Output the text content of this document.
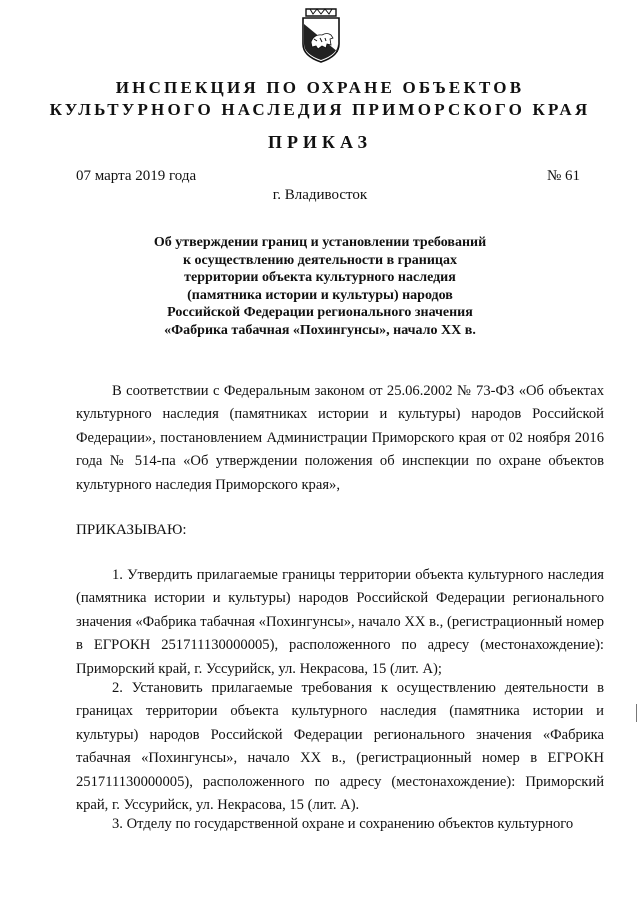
ИНСПЕКЦИЯ ПО ОХРАНЕ ОБЪЕКТОВ
КУЛЬТУРНОГО НАСЛЕДИЯ ПРИМОРСКОГО КРАЯ
ПРИКАЗ
07 марта 2019 года	№ 61
г. Владивосток
Об утверждении границ и установлении требований
к осуществлению деятельности в границах
территории объекта культурного наследия
(памятника истории и культуры) народов
Российской Федерации регионального значения
«Фабрика табачная «Похингунсы», начало XX в.
В соответствии с Федеральным законом от 25.06.2002 № 73-ФЗ «Об объектах культурного наследия (памятниках истории и культуры) народов Российской Федерации», постановлением Администрации Приморского края от 02 ноября 2016 года № 514-па «Об утверждении положения об инспекции по охране объектов культурного наследия Приморского края»,
ПРИКАЗЫВАЮ:
1. Утвердить прилагаемые границы территории объекта культурного наследия (памятника истории и культуры) народов Российской Федерации регионального значения «Фабрика табачная «Похингунсы», начало XX в., (регистрационный номер в ЕГРОКН 251711130000005), расположенного по адресу (местонахождение): Приморский край, г. Уссурийск, ул. Некрасова, 15 (лит. А);
2. Установить прилагаемые требования к осуществлению деятельности в границах территории объекта культурного наследия (памятника истории и культуры) народов Российской Федерации регионального значения «Фабрика табачная «Похингунсы», начало XX в., (регистрационный номер в ЕГРОКН 251711130000005), расположенного по адресу (местонахождение): Приморский край, г. Уссурийск, ул. Некрасова, 15 (лит. А).
3. Отделу по государственной охране и сохранению объектов культурного
